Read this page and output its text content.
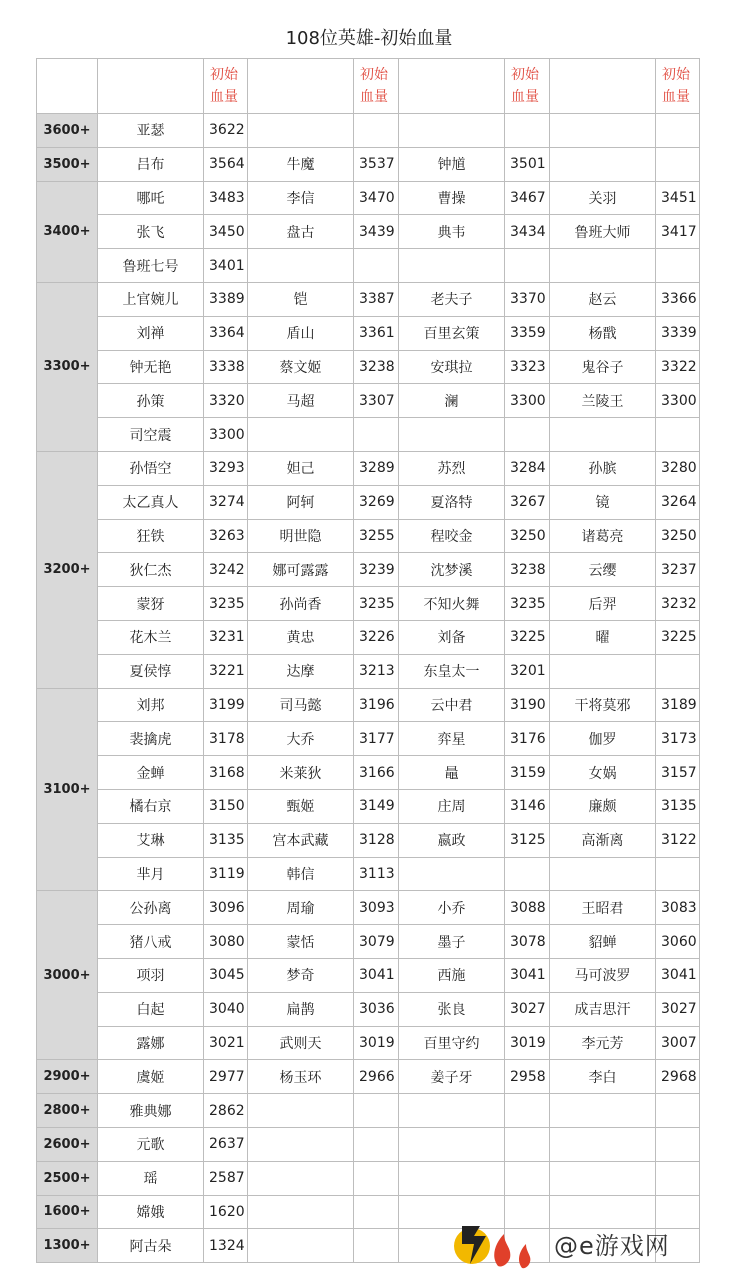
108位英雄-初始血量
		初始血量		初始血量		初始血量		初始血量
3600+	亚瑟	3622						
3500+	吕布	3564	牛魔	3537	钟馗	3501		
3400+	哪吒	3483	李信	3470	曹操	3467	关羽	3451
	张飞	3450	盘古	3439	典韦	3434	鲁班大师	3417
	鲁班七号	3401						
3300+	上官婉儿	3389	铠	3387	老夫子	3370	赵云	3366
	刘禅	3364	盾山	3361	百里玄策	3359	杨戬	3339
	钟无艳	3338	蔡文姬	3238	安琪拉	3323	鬼谷子	3322
	孙策	3320	马超	3307	澜	3300	兰陵王	3300
	司空震	3300						
3200+	孙悟空	3293	妲己	3289	苏烈	3284	孙膑	3280
	太乙真人	3274	阿轲	3269	夏洛特	3267	镜	3264
	狂铁	3263	明世隐	3255	程咬金	3250	诸葛亮	3250
	狄仁杰	3242	娜可露露	3239	沈梦溪	3238	云缨	3237
	蒙犽	3235	孙尚香	3235	不知火舞	3235	后羿	3232
	花木兰	3231	黄忠	3226	刘备	3225	曜	3225
	夏侯惇	3221	达摩	3213	东皇太一	3201		
3100+	刘邦	3199	司马懿	3196	云中君	3190	干将莫邪	3189
	裴擒虎	3178	大乔	3177	弈星	3176	伽罗	3173
	金蝉	3168	米莱狄	3166	鼂	3159	女娲	3157
	橘右京	3150	甄姬	3149	庄周	3146	廉颇	3135
	艾琳	3135	宫本武藏	3128	嬴政	3125	高渐离	3122
	芈月	3119	韩信	3113				
3000+	公孙离	3096	周瑜	3093	小乔	3088	王昭君	3083
	猪八戒	3080	蒙恬	3079	墨子	3078	貂蝉	3060
	项羽	3045	梦奇	3041	西施	3041	马可波罗	3041
	白起	3040	扁鹊	3036	张良	3027	成吉思汗	3027
	露娜	3021	武则天	3019	百里守约	3019	李元芳	3007
2900+	虞姬	2977	杨玉环	2966	姜子牙	2958	李白	2968
2800+	雅典娜	2862						
2600+	元歌	2637						
2500+	瑶	2587						
1600+	嫦娥	1620						
1300+	阿古朵	1324							@e游戏网
